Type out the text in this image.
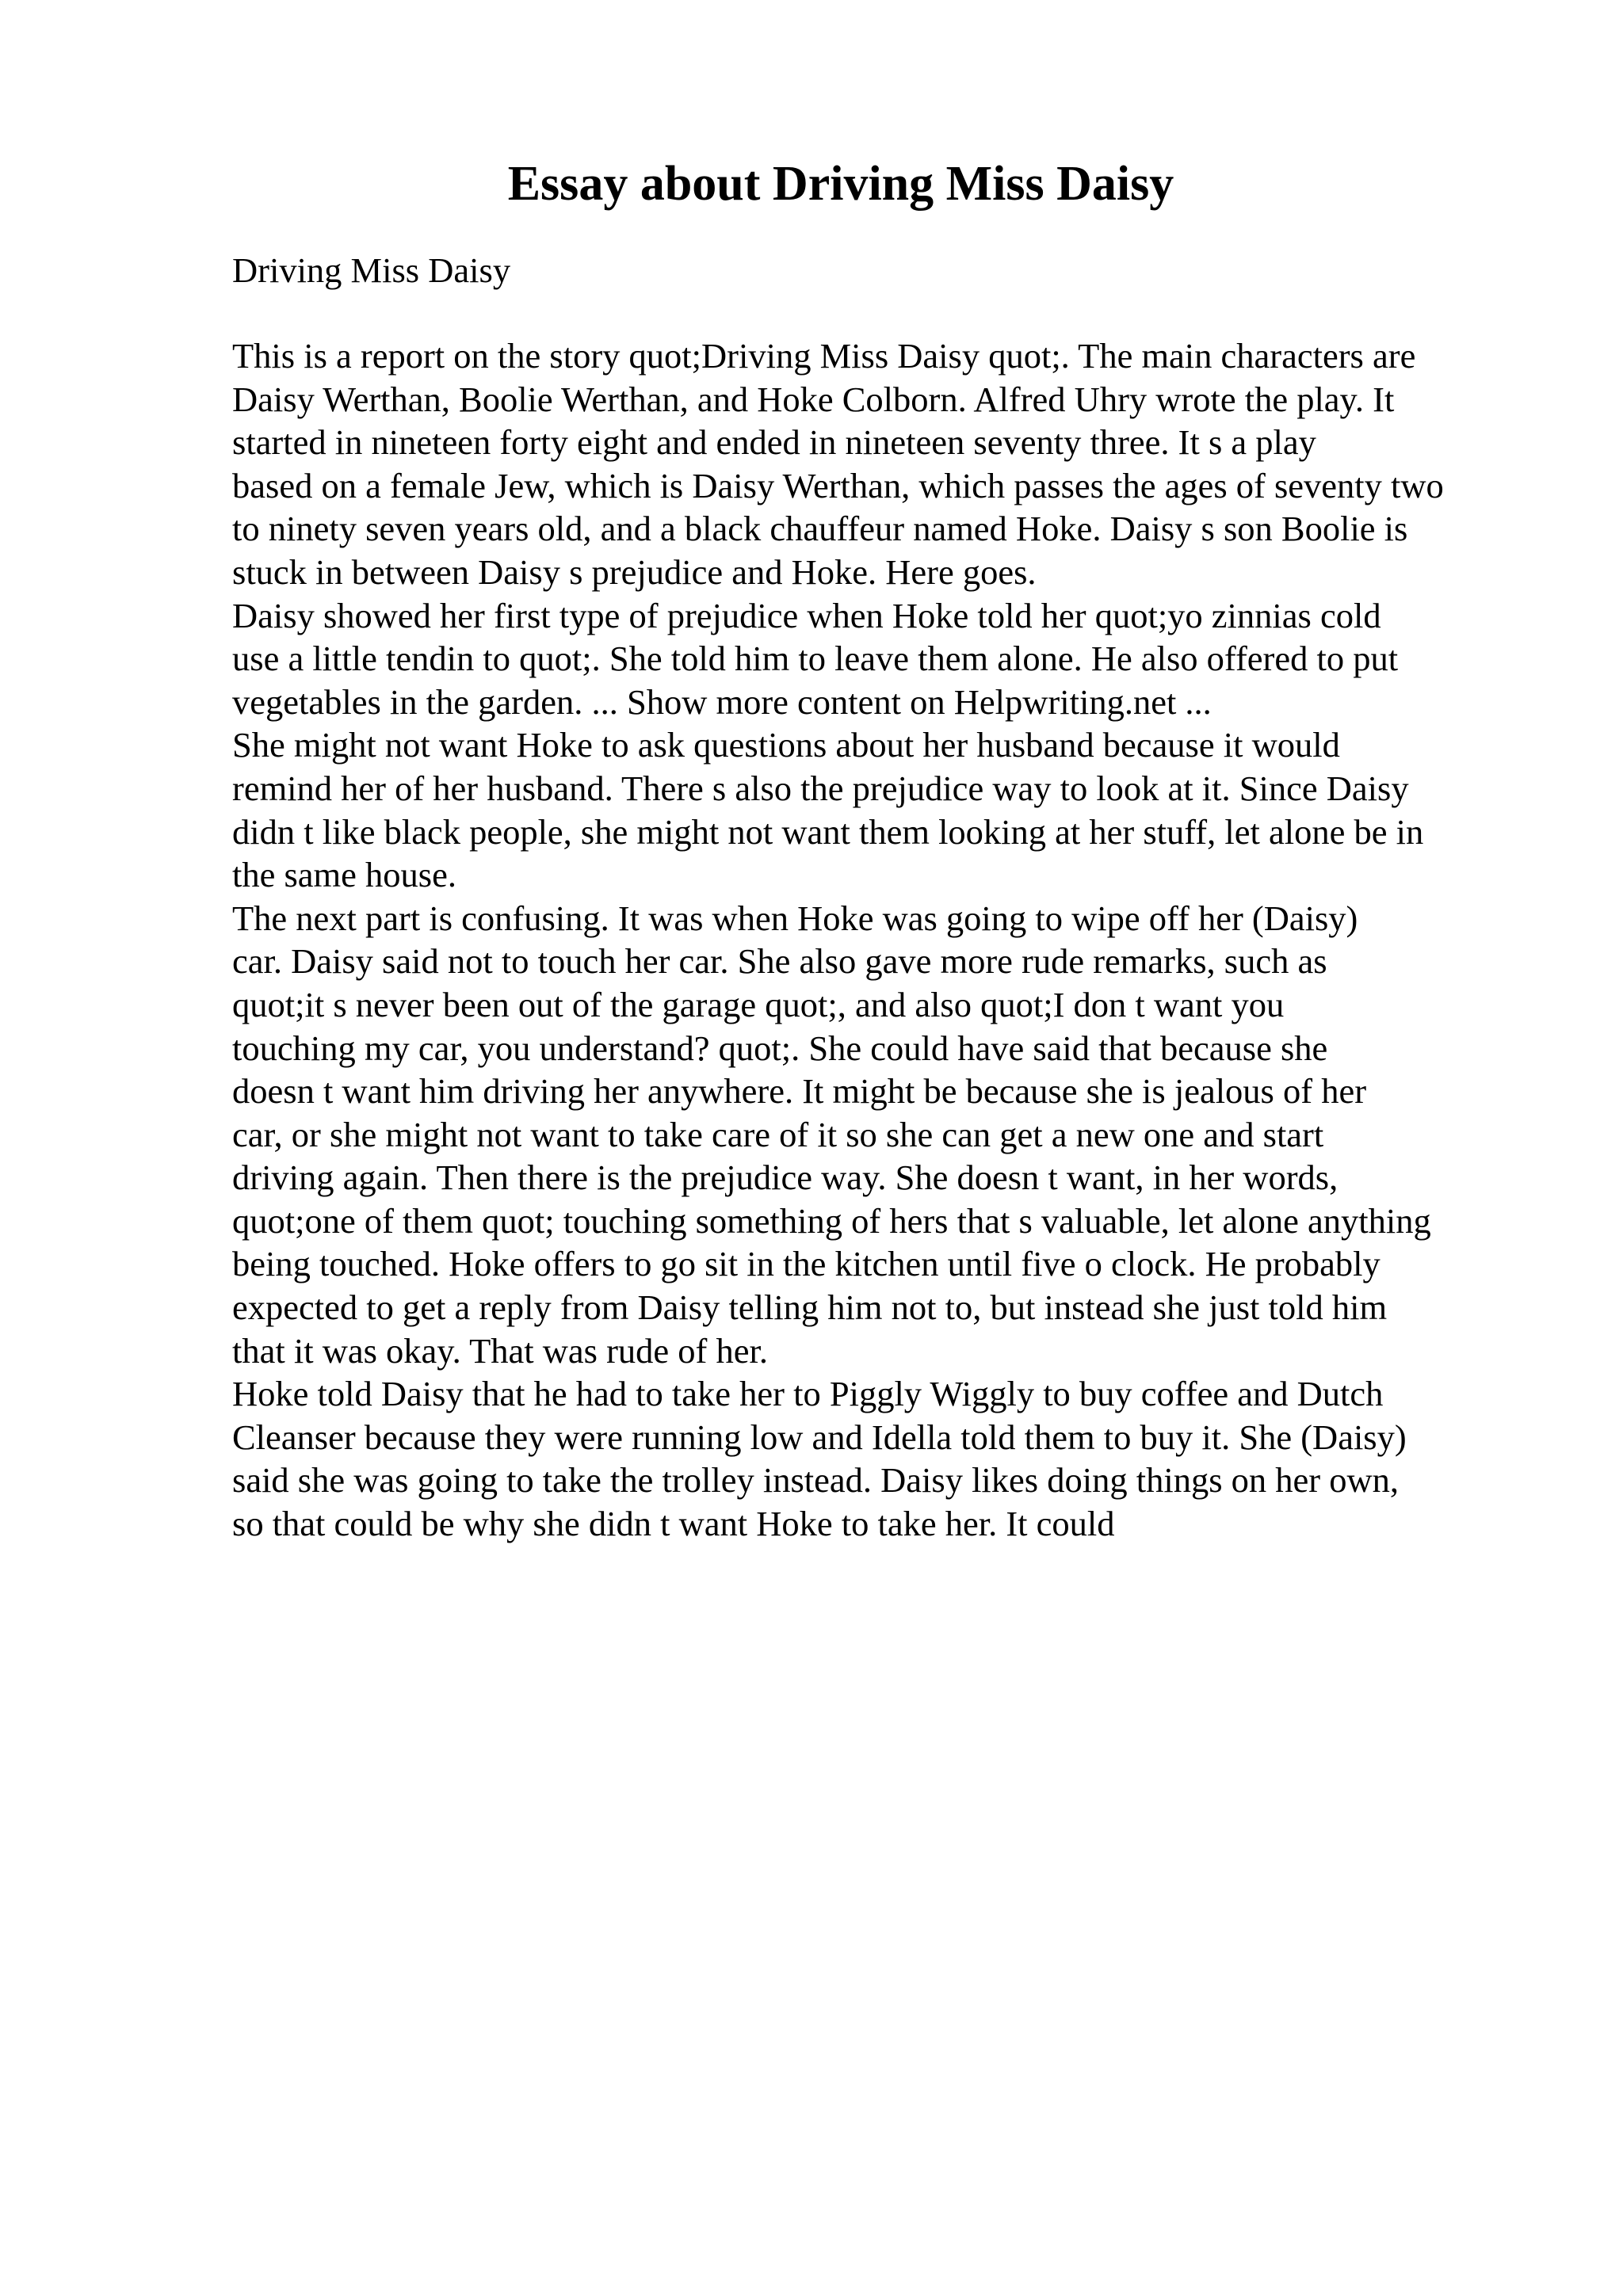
Essay about Driving Miss Daisy
Driving Miss Daisy
This is a report on the story quot;Driving Miss Daisy quot;. The main characters are
Daisy Werthan, Boolie Werthan, and Hoke Colborn. Alfred Uhry wrote the play. It
started in nineteen forty eight and ended in nineteen seventy three. It s a play
based on a female Jew, which is Daisy Werthan, which passes the ages of seventy two
to ninety seven years old, and a black chauffeur named Hoke. Daisy s son Boolie is
stuck in between Daisy s prejudice and Hoke. Here goes.
Daisy showed her first type of prejudice when Hoke told her quot;yo zinnias cold
use a little tendin to quot;. She told him to leave them alone. He also offered to put
vegetables in the garden. ... Show more content on Helpwriting.net ...
She might not want Hoke to ask questions about her husband because it would
remind her of her husband. There s also the prejudice way to look at it. Since Daisy
didn t like black people, she might not want them looking at her stuff, let alone be in
the same house.
The next part is confusing. It was when Hoke was going to wipe off her (Daisy)
car. Daisy said not to touch her car. She also gave more rude remarks, such as
quot;it s never been out of the garage quot;, and also quot;I don t want you
touching my car, you understand? quot;. She could have said that because she
doesn t want him driving her anywhere. It might be because she is jealous of her
car, or she might not want to take care of it so she can get a new one and start
driving again. Then there is the prejudice way. She doesn t want, in her words,
quot;one of them quot; touching something of hers that s valuable, let alone anything
being touched. Hoke offers to go sit in the kitchen until five o clock. He probably
expected to get a reply from Daisy telling him not to, but instead she just told him
that it was okay. That was rude of her.
Hoke told Daisy that he had to take her to Piggly Wiggly to buy coffee and Dutch
Cleanser because they were running low and Idella told them to buy it. She (Daisy)
said she was going to take the trolley instead. Daisy likes doing things on her own,
so that could be why she didn t want Hoke to take her. It could
